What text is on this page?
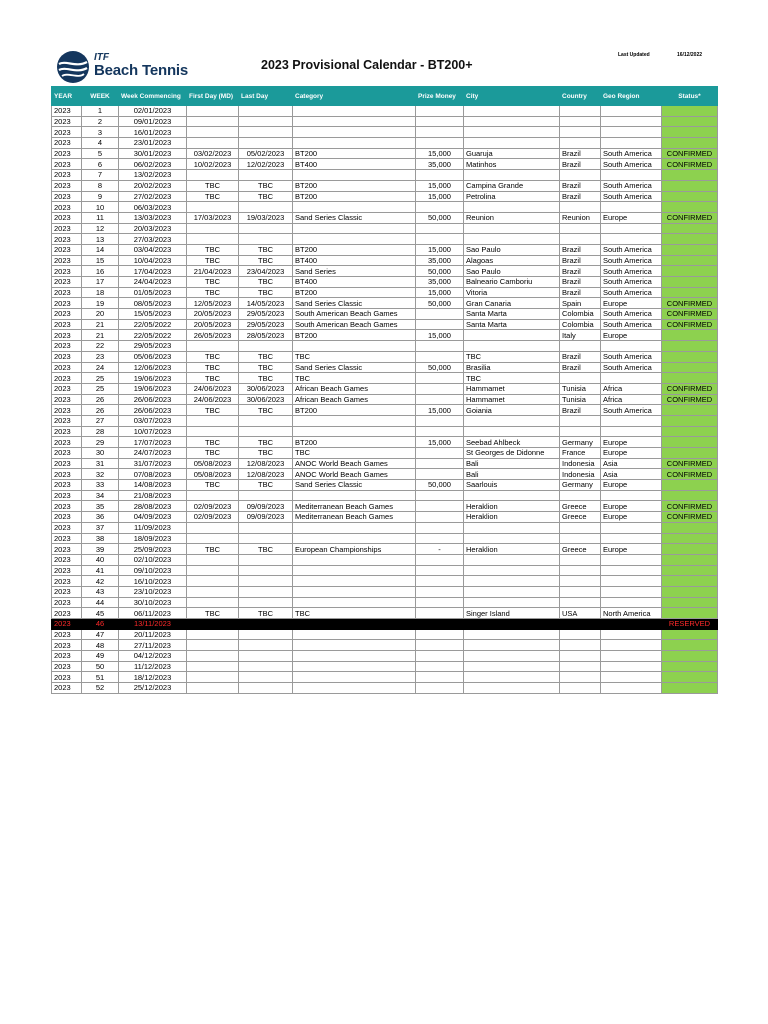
ITF
Beach Tennis	2023 Provisional Calendar - BT200+
Last Updated	16/12/2022
YEAR	WEEK	Week Commencing	First Day (MD)	Last Day	Category	Prize Money	City	Country	Geo Region	Status*
2023	1	02/01/2023								
2023	2	09/01/2023								
2023	3	16/01/2023								
2023	4	23/01/2023								
2023	5	30/01/2023	03/02/2023	05/02/2023	BT200	15,000	Guaruja	Brazil	South America	CONFIRMED
2023	6	06/02/2023	10/02/2023	12/02/2023	BT400	35,000	Matinhos	Brazil	South America	CONFIRMED
2023	7	13/02/2023								
2023	8	20/02/2023	TBC	TBC	BT200	15,000	Campina Grande	Brazil	South America	
2023	9	27/02/2023	TBC	TBC	BT200	15,000	Petrolina	Brazil	South America	
2023	10	06/03/2023								
2023	11	13/03/2023	17/03/2023	19/03/2023	Sand Series Classic	50,000	Reunion	Reunion	Europe	CONFIRMED
2023	12	20/03/2023								
2023	13	27/03/2023								
2023	14	03/04/2023	TBC	TBC	BT200	15,000	Sao Paulo	Brazil	South America	
2023	15	10/04/2023	TBC	TBC	BT400	35,000	Alagoas	Brazil	South America	
2023	16	17/04/2023	21/04/2023	23/04/2023	Sand Series	50,000	Sao Paulo	Brazil	South America	
2023	17	24/04/2023	TBC	TBC	BT400	35,000	Balneario Camboriu	Brazil	South America	
2023	18	01/05/2023	TBC	TBC	BT200	15,000	Vitoria	Brazil	South America	
2023	19	08/05/2023	12/05/2023	14/05/2023	Sand Series Classic	50,000	Gran Canaria	Spain	Europe	CONFIRMED
2023	20	15/05/2023	20/05/2023	29/05/2023	South American Beach Games		Santa Marta	Colombia	South America	CONFIRMED
2023	21	22/05/2022	20/05/2023	29/05/2023	South American Beach Games		Santa Marta	Colombia	South America	CONFIRMED
2023	21	22/05/2022	26/05/2023	28/05/2023	BT200	15,000		Italy	Europe	
2023	22	29/05/2023								
2023	23	05/06/2023	TBC	TBC	TBC		TBC	Brazil	South America	
2023	24	12/06/2023	TBC	TBC	Sand Series Classic	50,000	Brasilia	Brazil	South America	
2023	25	19/06/2023	TBC	TBC	TBC		TBC			
2023	25	19/06/2023	24/06/2023	30/06/2023	African Beach Games		Hammamet	Tunisia	Africa	CONFIRMED
2023	26	26/06/2023	24/06/2023	30/06/2023	African Beach Games		Hammamet	Tunisia	Africa	CONFIRMED
2023	26	26/06/2023	TBC	TBC	BT200	15,000	Goiania	Brazil	South America	
2023	27	03/07/2023								
2023	28	10/07/2023								
2023	29	17/07/2023	TBC	TBC	BT200	15,000	Seebad Ahlbeck	Germany	Europe	
2023	30	24/07/2023	TBC	TBC	TBC		St Georges de Didonne	France	Europe	
2023	31	31/07/2023	05/08/2023	12/08/2023	ANOC World Beach Games		Bali	Indonesia	Asia	CONFIRMED
2023	32	07/08/2023	05/08/2023	12/08/2023	ANOC World Beach Games		Bali	Indonesia	Asia	CONFIRMED
2023	33	14/08/2023	TBC	TBC	Sand Series Classic	50,000	Saarlouis	Germany	Europe	
2023	34	21/08/2023								
2023	35	28/08/2023	02/09/2023	09/09/2023	Mediterranean Beach Games		Heraklion	Greece	Europe	CONFIRMED
2023	36	04/09/2023	02/09/2023	09/09/2023	Mediterranean Beach Games		Heraklion	Greece	Europe	CONFIRMED
2023	37	11/09/2023								
2023	38	18/09/2023								
2023	39	25/09/2023	TBC	TBC	European Championships	-	Heraklion	Greece	Europe	
2023	40	02/10/2023								
2023	41	09/10/2023								
2023	42	16/10/2023								
2023	43	23/10/2023								
2023	44	30/10/2023								
2023	45	06/11/2023	TBC	TBC	TBC		Singer Island	USA	North America	
2023	46	13/11/2023								RESERVED
2023	47	20/11/2023								
2023	48	27/11/2023								
2023	49	04/12/2023								
2023	50	11/12/2023								
2023	51	18/12/2023								
2023	52	25/12/2023								
